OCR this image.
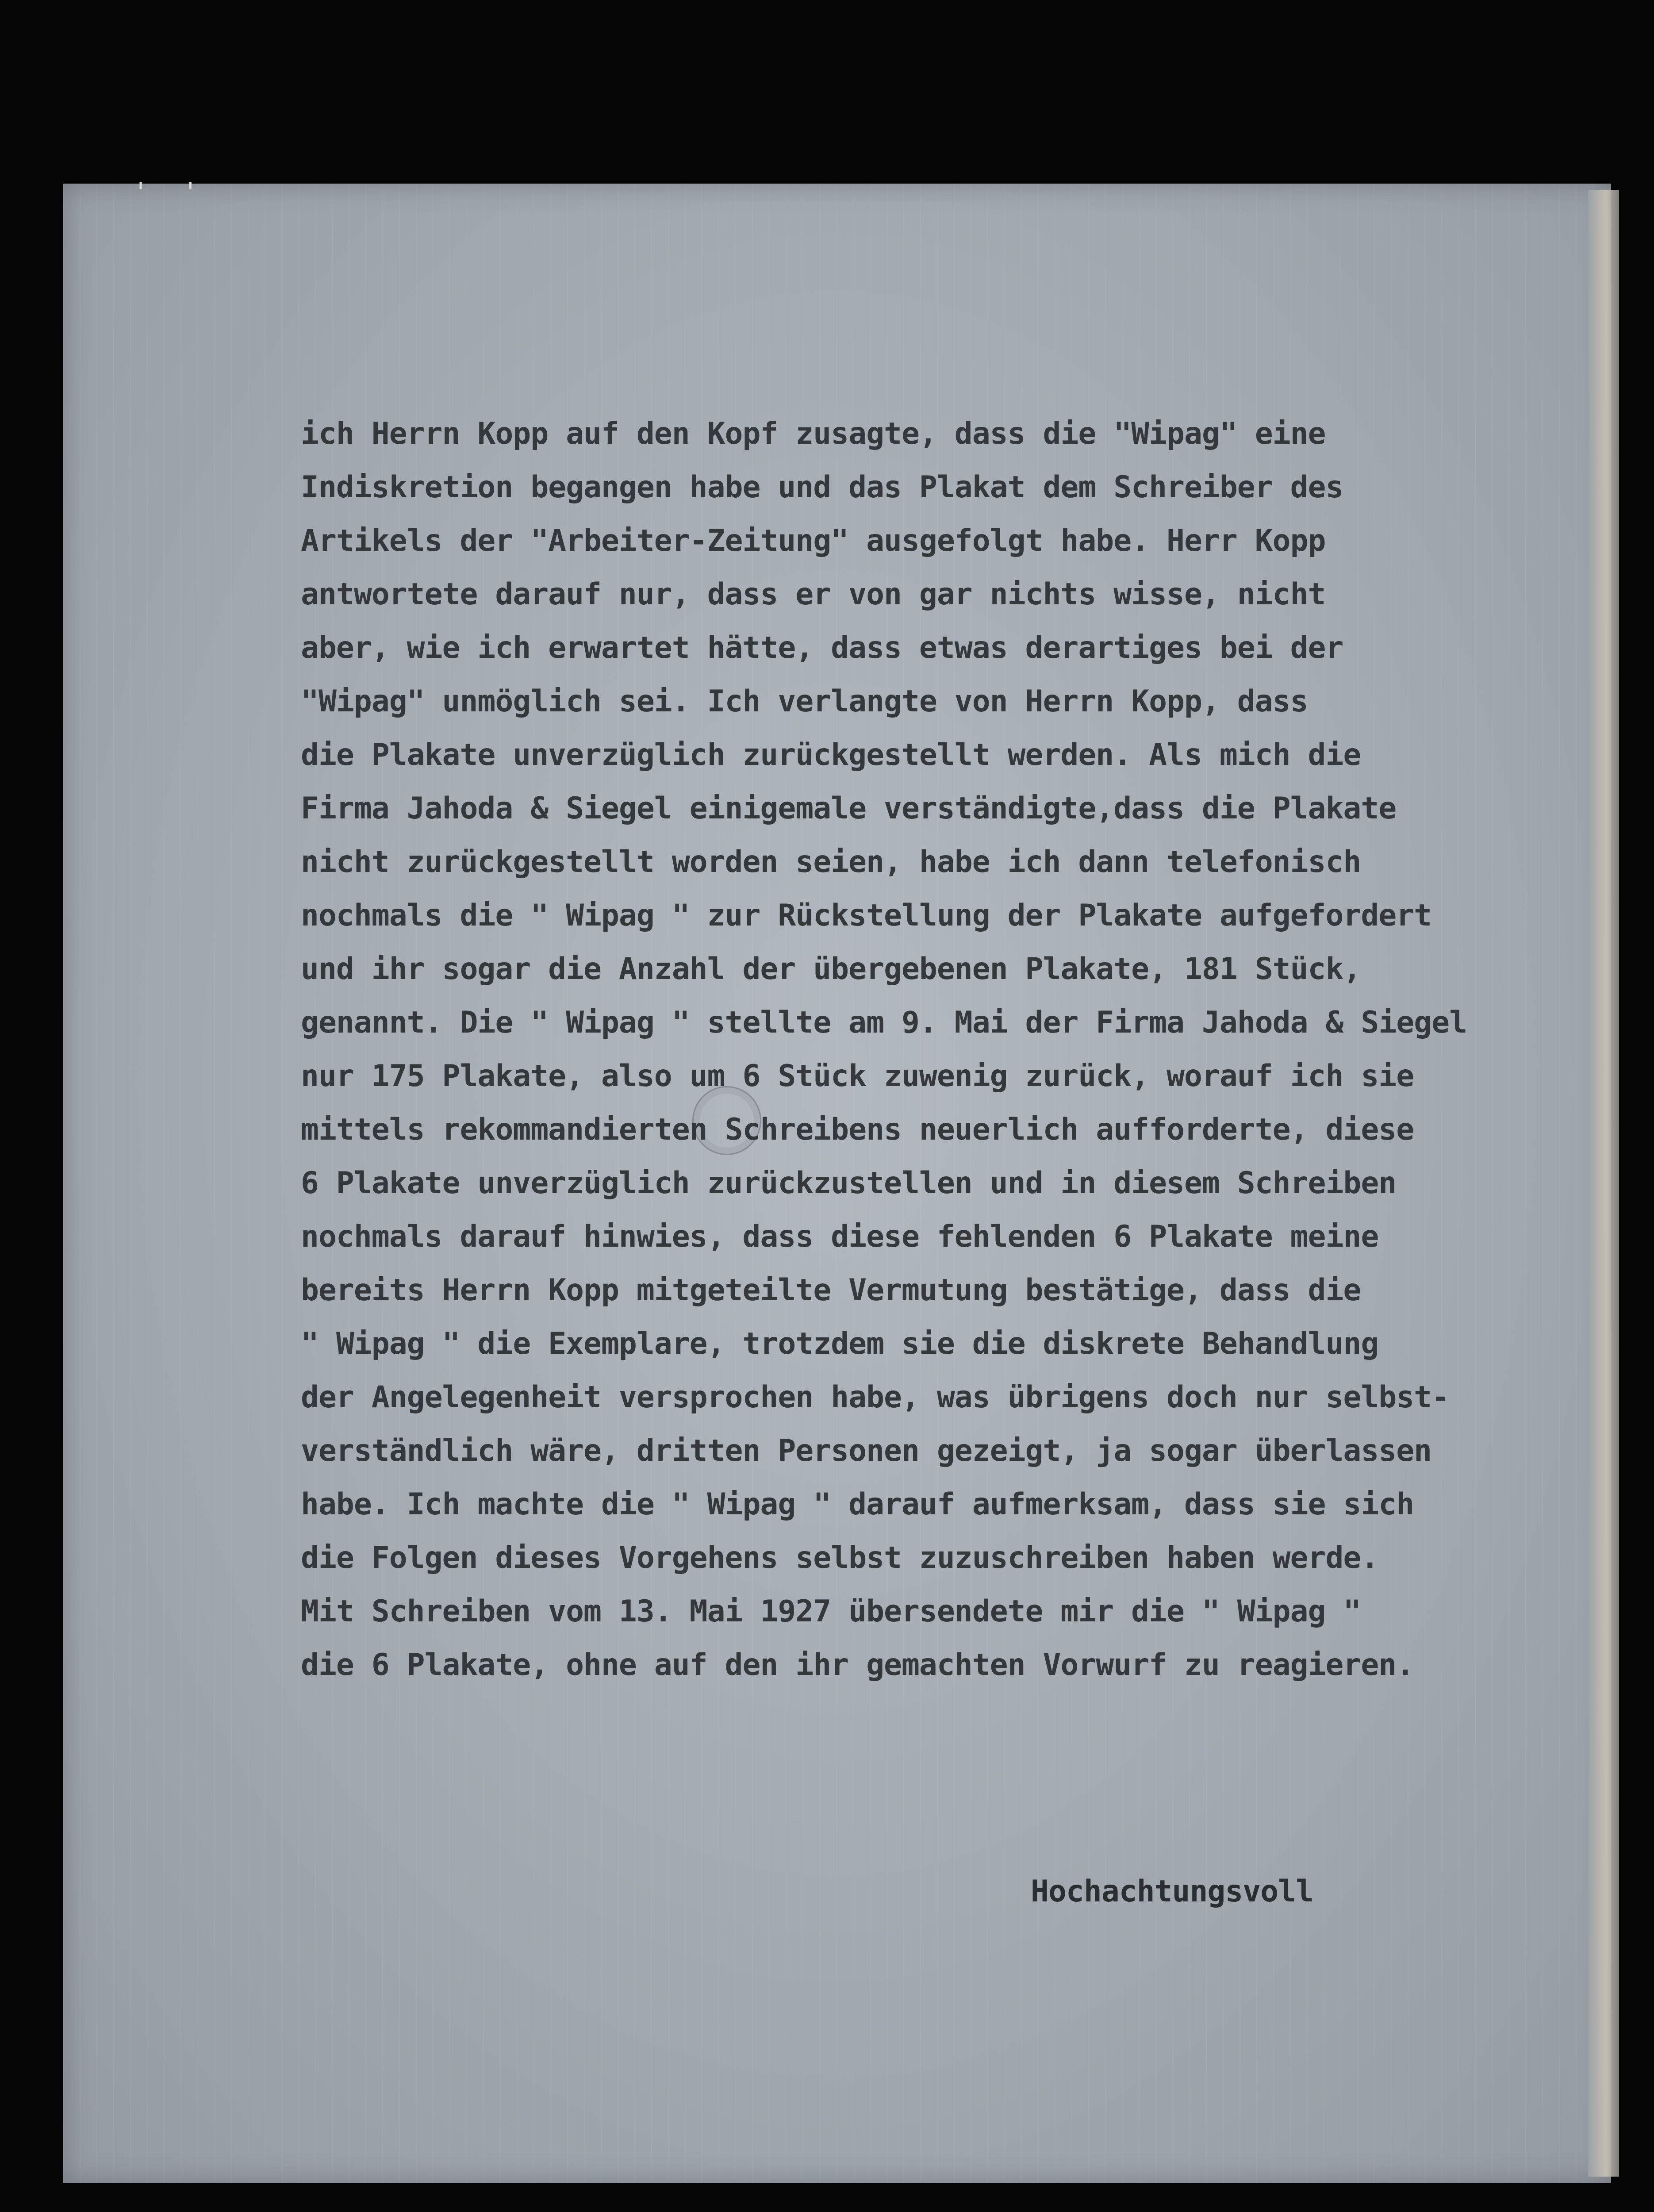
' '
ich Herrn Kopp auf den Kopf zusagte, dass die "Wipag" eine
Indiskretion begangen habe und das Plakat dem Schreiber des
Artikels der "Arbeiter-Zeitung" ausgefolgt habe. Herr Kopp
antwortete darauf nur, dass er von gar nichts wisse, nicht
aber, wie ich erwartet hätte, dass etwas derartiges bei der
"Wipag" unmöglich sei. Ich verlangte von Herrn Kopp, dass
die Plakate unverzüglich zurückgestellt werden. Als mich die
Firma Jahoda & Siegel einigemale verständigte,dass die Plakate
nicht zurückgestellt worden seien, habe ich dann telefonisch
nochmals die " Wipag " zur Rückstellung der Plakate aufgefordert
und ihr sogar die Anzahl der übergebenen Plakate, 181 Stück,
genannt. Die " Wipag " stellte am 9. Mai der Firma Jahoda & Siegel
nur 175 Plakate, also um 6 Stück zuwenig zurück, worauf ich sie
mittels rekommandierten Schreibens neuerlich aufforderte, diese
6 Plakate unverzüglich zurückzustellen und in diesem Schreiben
nochmals darauf hinwies, dass diese fehlenden 6 Plakate meine
bereits Herrn Kopp mitgeteilte Vermutung bestätige, dass die
" Wipag " die Exemplare, trotzdem sie die diskrete Behandlung
der Angelegenheit versprochen habe, was übrigens doch nur selbst-
verständlich wäre, dritten Personen gezeigt, ja sogar überlassen
habe. Ich machte die " Wipag " darauf aufmerksam, dass sie sich
die Folgen dieses Vorgehens selbst zuzuschreiben haben werde.
Mit Schreiben vom 13. Mai 1927 übersendete mir die " Wipag "
die 6 Plakate, ohne auf den ihr gemachten Vorwurf zu reagieren.
Hochachtungsvoll
